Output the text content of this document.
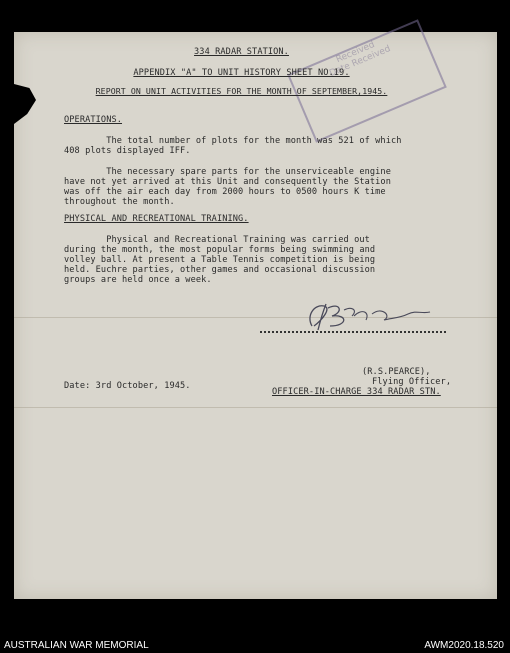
Received
Date Received
334 RADAR STATION.
APPENDIX "A" TO UNIT HISTORY SHEET NO.19.
REPORT ON UNIT ACTIVITIES FOR THE MONTH OF SEPTEMBER,1945.
OPERATIONS.
The total number of plots for the month was 521 of which
408 plots displayed IFF.
The necessary spare parts for the unserviceable engine
have not yet arrived at this Unit and consequently the Station
was off the air each day from 2000 hours to 0500 hours K time
throughout the month.
PHYSICAL AND RECREATIONAL TRAINING.
Physical and Recreational Training was carried out
during the month, the most popular forms being swimming and
volley ball. At present a Table Tennis competition is being
held. Euchre parties, other games and occasional discussion
groups are held once a week.
(R.S.PEARCE),
Flying Officer,
OFFICER-IN-CHARGE 334 RADAR STN.
Date: 3rd October, 1945.
AUSTRALIAN WAR MEMORIAL	AWM2020.18.520
